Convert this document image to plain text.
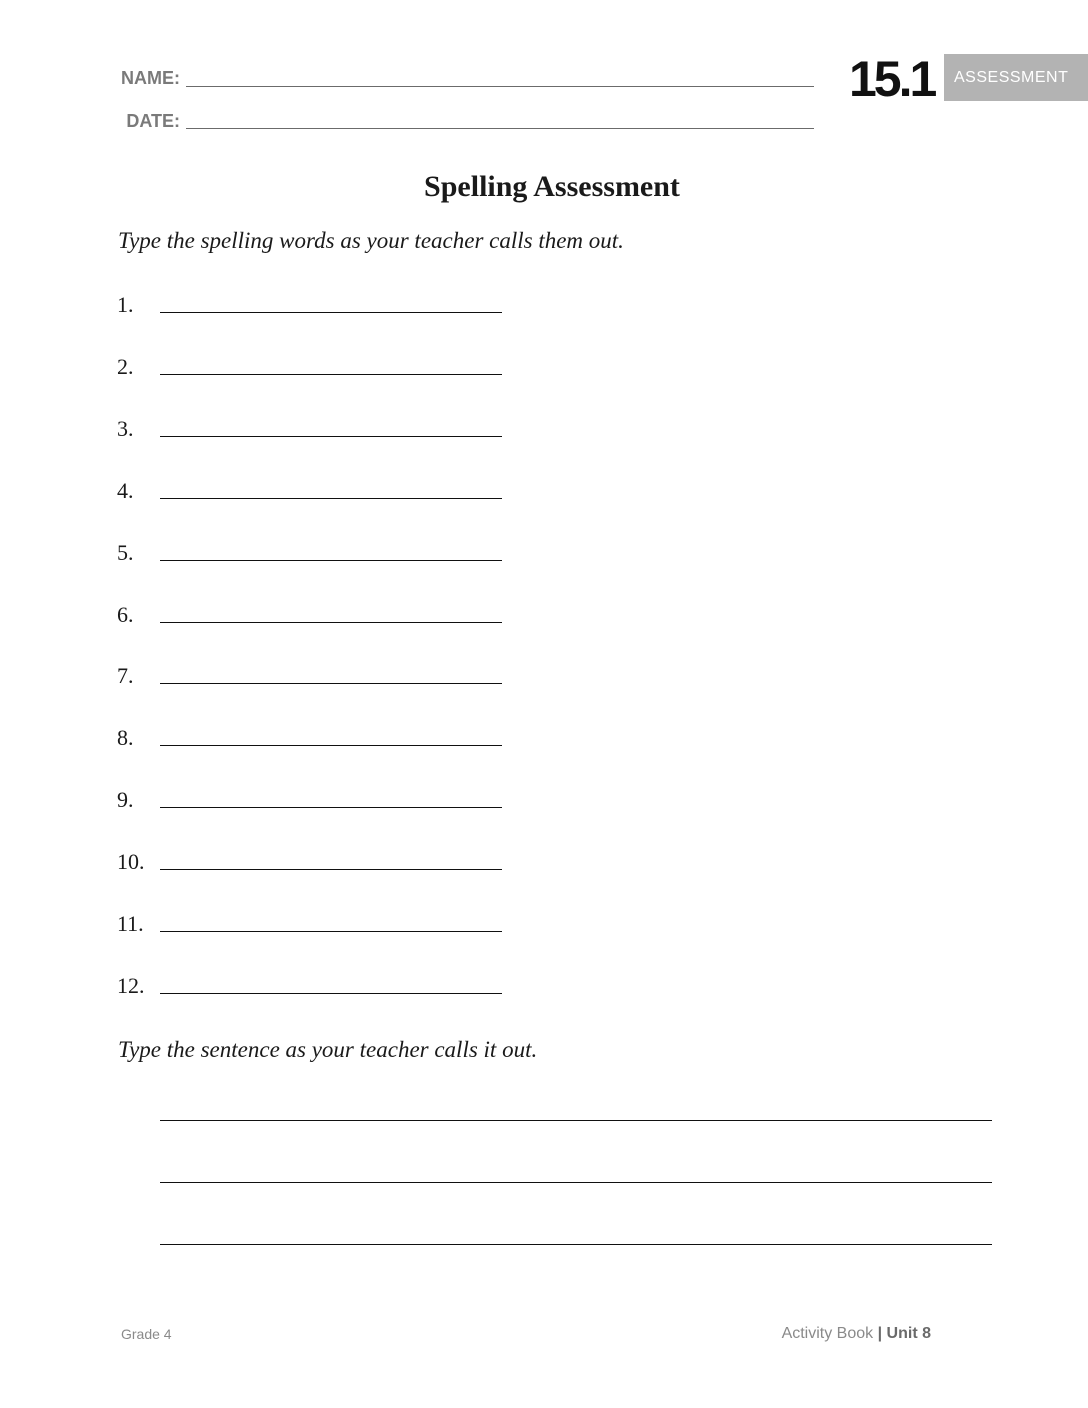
NAME:
DATE:
15.1 ASSESSMENT
Spelling Assessment
Type the spelling words as your teacher calls them out.
1.
2.
3.
4.
5.
6.
7.
8.
9.
10.
11.
12.
Type the sentence as your teacher calls it out.
Grade 4	Activity Book | Unit 8
